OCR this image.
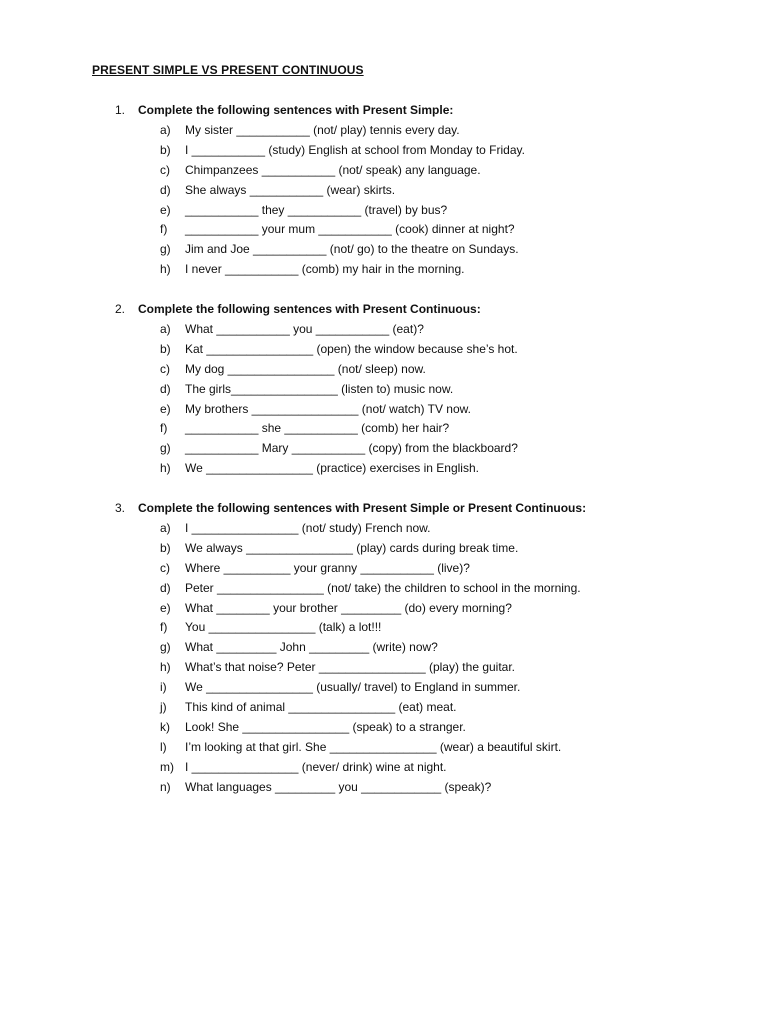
PRESENT SIMPLE VS PRESENT CONTINUOUS
1. Complete the following sentences with Present Simple:
a) My sister ___________ (not/ play) tennis every day.
b) I ___________ (study) English at school from Monday to Friday.
c) Chimpanzees ___________ (not/ speak) any language.
d) She always ___________ (wear) skirts.
e) ___________ they ___________ (travel) by bus?
f) ___________ your mum ___________ (cook) dinner at night?
g) Jim and Joe ___________ (not/ go) to the theatre on Sundays.
h) I never ___________ (comb) my hair in the morning.
2. Complete the following sentences with Present Continuous:
a) What ___________ you ___________ (eat)?
b) Kat ________________ (open) the window because she’s hot.
c) My dog ________________ (not/ sleep) now.
d) The girls________________ (listen to) music now.
e) My brothers ________________ (not/ watch) TV now.
f) ___________ she ___________ (comb) her hair?
g) ___________ Mary ___________ (copy) from the blackboard?
h) We ________________ (practice) exercises in English.
3. Complete the following sentences with Present Simple or Present Continuous:
a) I ________________ (not/ study) French now.
b) We always ________________ (play) cards during break time.
c) Where __________ your granny ___________ (live)?
d) Peter ________________ (not/ take) the children to school in the morning.
e) What ________ your brother _________ (do) every morning?
f) You ________________ (talk) a lot!!!
g) What _________ John _________ (write) now?
h) What’s that noise? Peter ________________ (play) the guitar.
i) We ________________ (usually/ travel) to England in summer.
j) This kind of animal ________________ (eat) meat.
k) Look! She ________________ (speak) to a stranger.
l) I’m looking at that girl. She ________________ (wear) a beautiful skirt.
m) I ________________ (never/ drink) wine at night.
n) What languages _________ you ____________ (speak)?
